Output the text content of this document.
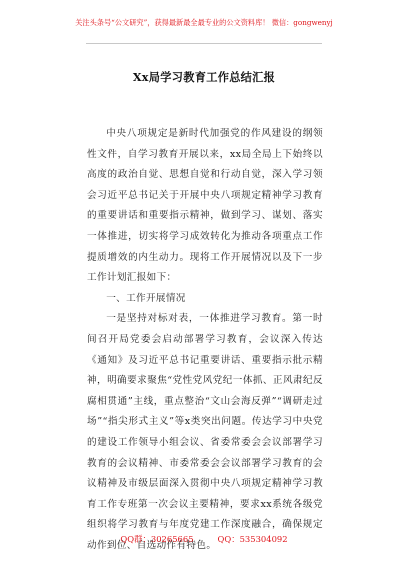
关注头条号“公文研究”，获得最新最全最专业的公文资料库！ 微信：gongwenyj
Xx局学习教育工作总结汇报

中央八项规定是新时代加强党的作风建设的纲领性文件，自学习教育开展以来，xx局全局上下始终以高度的政治自觉、思想自觉和行动自觉，深入学习领会习近平总书记关于开展中央八项规定精神学习教育的重要讲话和重要指示精神，做到学习、谋划、落实一体推进，切实将学习成效转化为推动各项重点工作提质增效的内生动力。现将工作开展情况以及下一步工作计划汇报如下：

一、工作开展情况

一是坚持对标对表，一体推进学习教育。第一时间召开局党委会启动部署学习教育，会议深入传达《通知》及习近平总书记重要讲话、重要指示批示精神，明确要求聚焦“党性党风党纪一体抓、正风肃纪反腐相贯通”主线，重点整治“文山会海反弹”“调研走过场”“指尖形式主义”等x类突出问题。传达学习中央党的建设工作领导小组会议、省委常委会会议部署学习教育的会议精神、市委常委会会议部署学习教育的会议精神及市级层面深入贯彻中央八项规定精神学习教育工作专班第一次会议主要精神，要求xx系统各级党组织将学习教育与年度党建工作深度融合，确保规定动作到位、自选动作有特色。

QQ群：30265665         QQ：535304092
